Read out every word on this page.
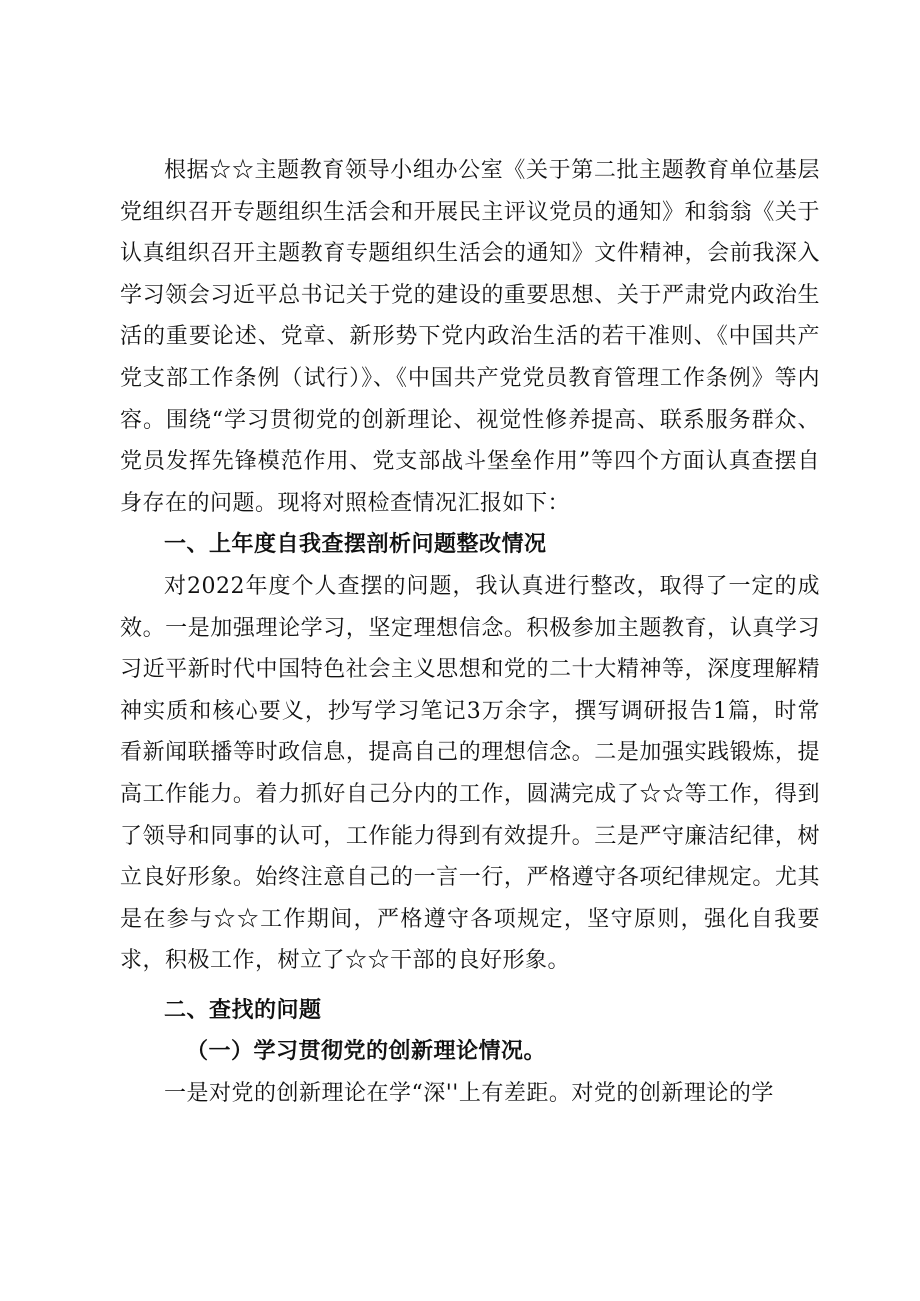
根据☆☆主题教育领导小组办公室《关于第二批主题教育单位基层党组织召开专题组织生活会和开展民主评议党员的通知》和翁翁《关于认真组织召开主题教育专题组织生活会的通知》文件精神，会前我深入学习领会习近平总书记关于党的建设的重要思想、关于严肃党内政治生活的重要论述、党章、新形势下党内政治生活的若干准则、《中国共产党支部工作条例（试行）》、《中国共产党党员教育管理工作条例》等内容。围绕“学习贯彻党的创新理论、视觉性修养提高、联系服务群众、党员发挥先锋模范作用、党支部战斗堡垒作用”等四个方面认真查摆自身存在的问题。现将对照检查情况汇报如下：

一、上年度自我查摆剖析问题整改情况

对2022年度个人查摆的问题，我认真进行整改，取得了一定的成效。一是加强理论学习，坚定理想信念。积极参加主题教育，认真学习习近平新时代中国特色社会主义思想和党的二十大精神等，深度理解精神实质和核心要义，抄写学习笔记3万余字，撰写调研报告1篇，时常看新闻联播等时政信息，提高自己的理想信念。二是加强实践锻炼，提高工作能力。着力抓好自己分内的工作，圆满完成了☆☆等工作，得到了领导和同事的认可，工作能力得到有效提升。三是严守廉洁纪律，树立良好形象。始终注意自己的一言一行，严格遵守各项纪律规定。尤其是在参与☆☆工作期间，严格遵守各项规定，坚守原则，强化自我要求，积极工作，树立了☆☆干部的良好形象。

二、查找的问题

（一）学习贯彻党的创新理论情况。

一是对党的创新理论在学“深''上有差距。对党的创新理论的学
